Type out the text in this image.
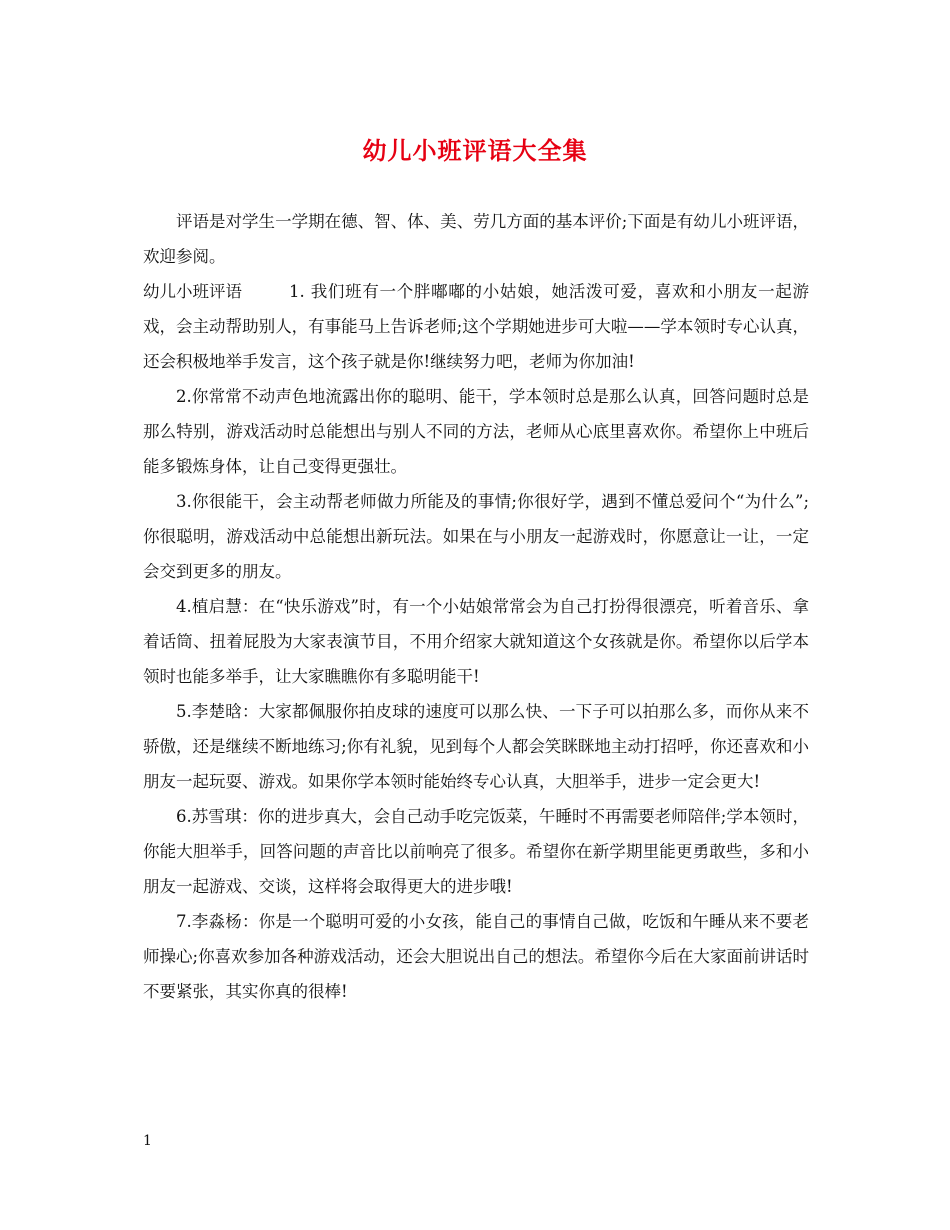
幼儿小班评语大全集

评语是对学生一学期在德、智、体、美、劳几方面的基本评价;下面是有幼儿小班评语，欢迎参阅。

幼儿小班评语	1. 我们班有一个胖嘟嘟的小姑娘，她活泼可爱，喜欢和小朋友一起游戏，会主动帮助别人，有事能马上告诉老师;这个学期她进步可大啦——学本领时专心认真，还会积极地举手发言，这个孩子就是你!继续努力吧，老师为你加油!

2.你常常不动声色地流露出你的聪明、能干，学本领时总是那么认真，回答问题时总是那么特别，游戏活动时总能想出与别人不同的方法，老师从心底里喜欢你。希望你上中班后能多锻炼身体，让自己变得更强壮。

3.你很能干，会主动帮老师做力所能及的事情;你很好学，遇到不懂总爱问个“为什么”;你很聪明，游戏活动中总能想出新玩法。如果在与小朋友一起游戏时，你愿意让一让，一定会交到更多的朋友。

4.植启慧：在“快乐游戏”时，有一个小姑娘常常会为自己打扮得很漂亮，听着音乐、拿着话筒、扭着屁股为大家表演节目，不用介绍家大就知道这个女孩就是你。希望你以后学本领时也能多举手，让大家瞧瞧你有多聪明能干!

5.李楚晗：大家都佩服你拍皮球的速度可以那么快、一下子可以拍那么多，而你从来不骄傲，还是继续不断地练习;你有礼貌，见到每个人都会笑眯眯地主动打招呼，你还喜欢和小朋友一起玩耍、游戏。如果你学本领时能始终专心认真，大胆举手，进步一定会更大!

6.苏雪琪：你的进步真大，会自己动手吃完饭菜，午睡时不再需要老师陪伴;学本领时，你能大胆举手，回答问题的声音比以前响亮了很多。希望你在新学期里能更勇敢些，多和小朋友一起游戏、交谈，这样将会取得更大的进步哦!

7.李淼杨：你是一个聪明可爱的小女孩，能自己的事情自己做，吃饭和午睡从来不要老师操心;你喜欢参加各种游戏活动，还会大胆说出自己的想法。希望你今后在大家面前讲话时不要紧张，其实你真的很棒!

1
